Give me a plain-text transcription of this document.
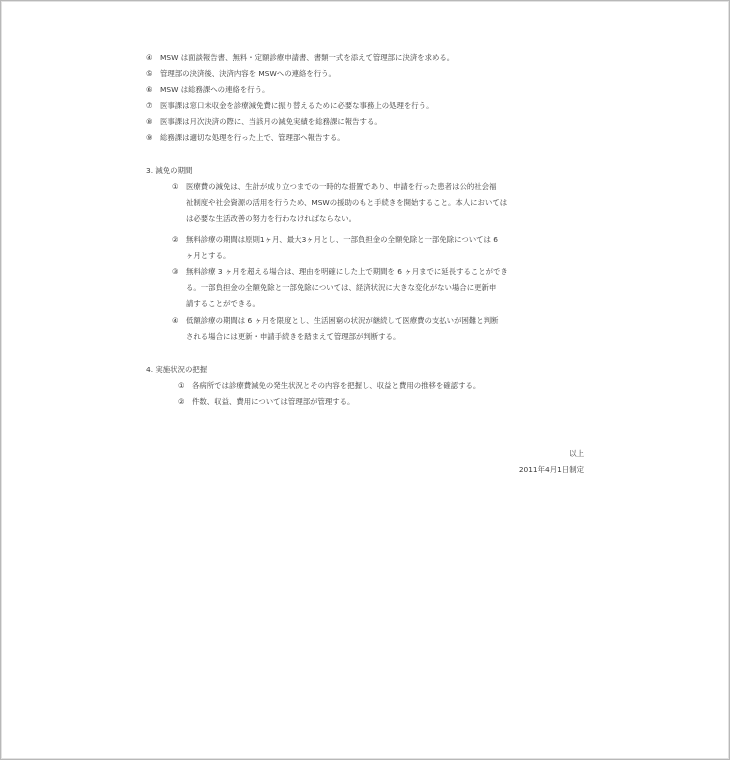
④ MSW は面談報告書、無料・定額診療申請書、書類一式を添えて管理部に決済を求める。
⑤ 管理部の決済後、決済内容を MSWへの連絡を行う。
⑥ MSW は総務課への連絡を行う。
⑦ 医事課は窓口未収金を診療減免費に振り替えるために必要な事務上の処理を行う。
⑧ 医事課は月次決済の際に、当該月の減免実績を総務課に報告する。
⑨ 総務課は適切な処理を行った上で、管理部へ報告する。
3. 減免の期間
① 医療費の減免は、生計が成り立つまでの一時的な措置であり、申請を行った患者は公的社会福
祉制度や社会資源の活用を行うため、MSWの援助のもと手続きを開始すること。本人においては
は必要な生活改善の努力を行わなければならない。
② 無料診療の期間は原則1ヶ月、最大3ヶ月とし、一部負担金の全額免除と一部免除については 6
ヶ月とする。
③ 無料診療 3 ヶ月を超える場合は、理由を明確にした上で期間を 6 ヶ月までに延長することができ
る。一部負担金の全額免除と一部免除については、経済状況に大きな変化がない場合に更新申
請することができる。
④ 低額診療の期間は 6 ヶ月を限度とし、生活困窮の状況が継続して医療費の支払いが困難と判断
される場合には更新・申請手続きを踏まえて管理部が判断する。
4. 実施状況の把握
① 各病所では診療費減免の発生状況とその内容を把握し、収益と費用の推移を確認する。
② 件数、収益、費用については管理部が管理する。
以上
2011年4月1日制定
